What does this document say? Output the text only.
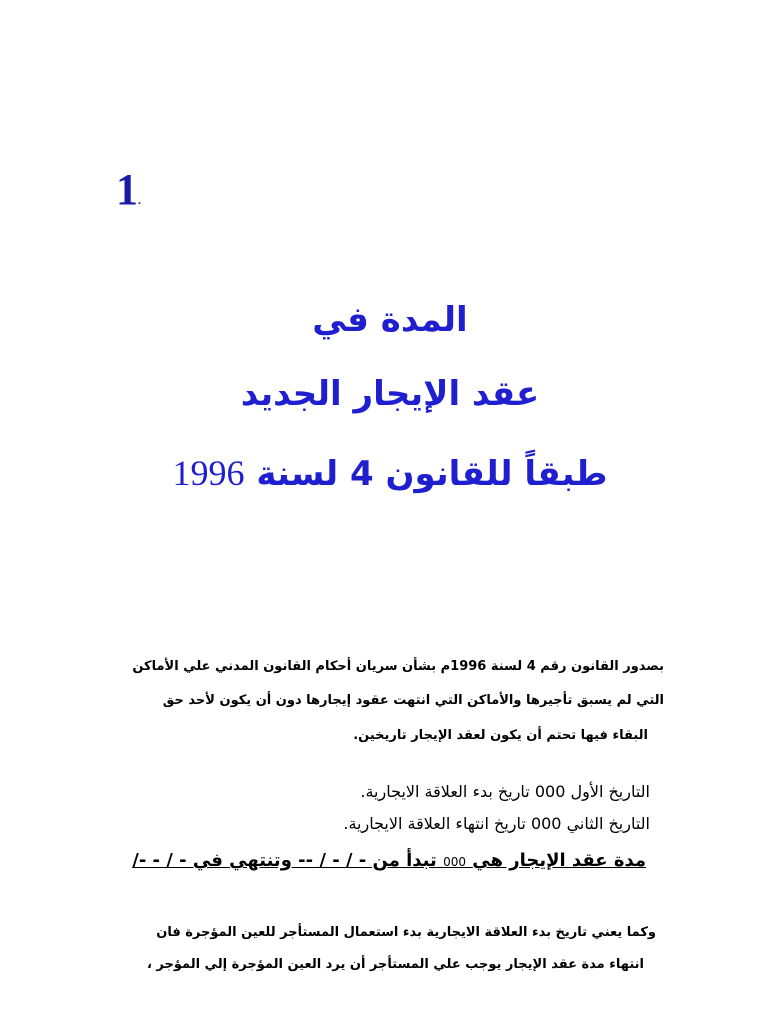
1.
المدة في
عقد الإيجار الجديد
طبقاً للقانون 4 لسنة 1996
بصدور القانون رقم 4 لسنة 1996م بشأن سريان أحكام القانون المدني علي الأماكن
التي لم يسبق تأجيرها والأماكن التي انتهت عقود إيجارها دون أن يكون لأحد حق
البقاء فيها تحتم أن يكون لعقد الإيجار تاريخين.
التاريخ الأول 000 تاريخ بدء العلاقة الايجارية.
التاريخ الثاني 000 تاريخ انتهاء العلاقة الايجارية.
مدة عقد الإيجار هي 000 تبدأ من - / - / -- وتنتهي في - / - -/
وكما يعني تاريخ بدء العلاقة الايجارية بدء استعمال المستأجر للعين المؤجرة فان
انتهاء مدة عقد الإيجار يوجب علي المستأجر أن يرد العين المؤجرة إلي المؤجر ،
